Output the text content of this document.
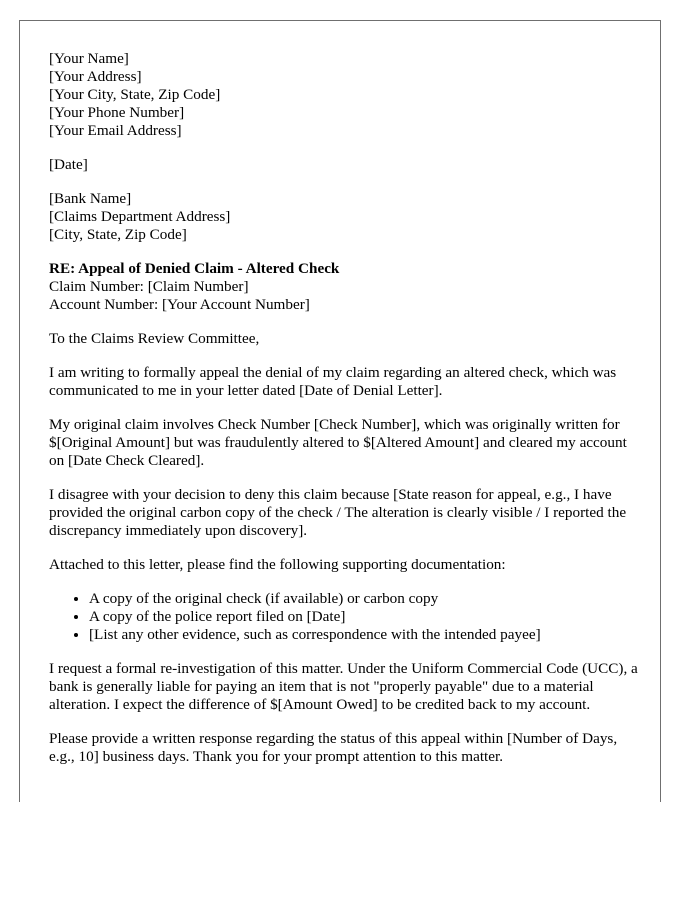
[Your Name]
[Your Address]
[Your City, State, Zip Code]
[Your Phone Number]
[Your Email Address]
[Date]
[Bank Name]
[Claims Department Address]
[City, State, Zip Code]
RE: Appeal of Denied Claim - Altered Check
Claim Number: [Claim Number]
Account Number: [Your Account Number]

To the Claims Review Committee,

I am writing to formally appeal the denial of my claim regarding an altered check, which was communicated to me in your letter dated [Date of Denial Letter].

My original claim involves Check Number [Check Number], which was originally written for $[Original Amount] but was fraudulently altered to $[Altered Amount] and cleared my account on [Date Check Cleared].

I disagree with your decision to deny this claim because [State reason for appeal, e.g., I have provided the original carbon copy of the check / The alteration is clearly visible / I reported the discrepancy immediately upon discovery].

Attached to this letter, please find the following supporting documentation:

• A copy of the original check (if available) or carbon copy
• A copy of the police report filed on [Date]
• [List any other evidence, such as correspondence with the intended payee]

I request a formal re-investigation of this matter. Under the Uniform Commercial Code (UCC), a bank is generally liable for paying an item that is not "properly payable" due to a material alteration. I expect the difference of $[Amount Owed] to be credited back to my account.

Please provide a written response regarding the status of this appeal within [Number of Days, e.g., 10] business days. Thank you for your prompt attention to this matter.
